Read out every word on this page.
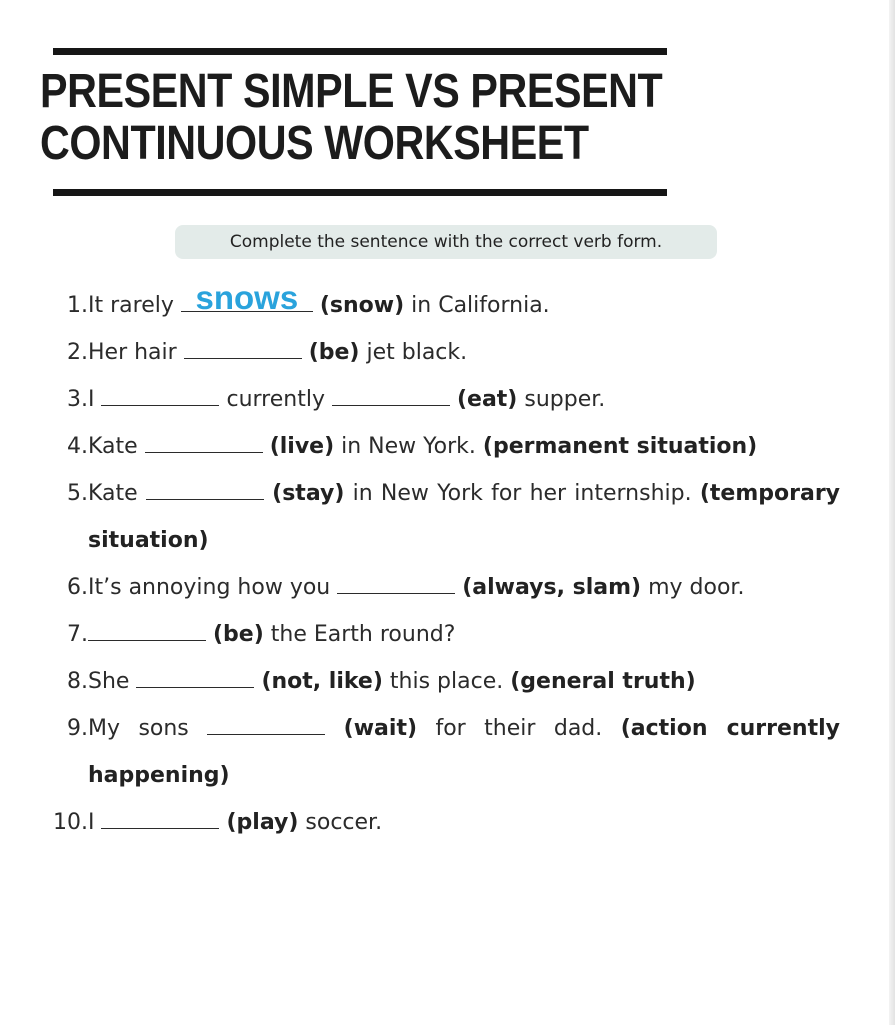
PRESENT SIMPLE VS PRESENT
CONTINUOUS WORKSHEET
Complete the sentence with the correct verb form.
1. It rarely snows (snow) in California.
2. Her hair	(be) jet black.
3. I	currently	(eat) supper.
4. Kate	(live) in New York. (permanent situation)
5. Kate	(stay) in New York for her internship. (temporary situation)
6. It’s annoying how you	(always, slam) my door.
7.	(be) the Earth round?
8. She	(not, like) this place. (general truth)
9. My sons	(wait) for their dad. (action currently happening)
10. I	(play) soccer.
